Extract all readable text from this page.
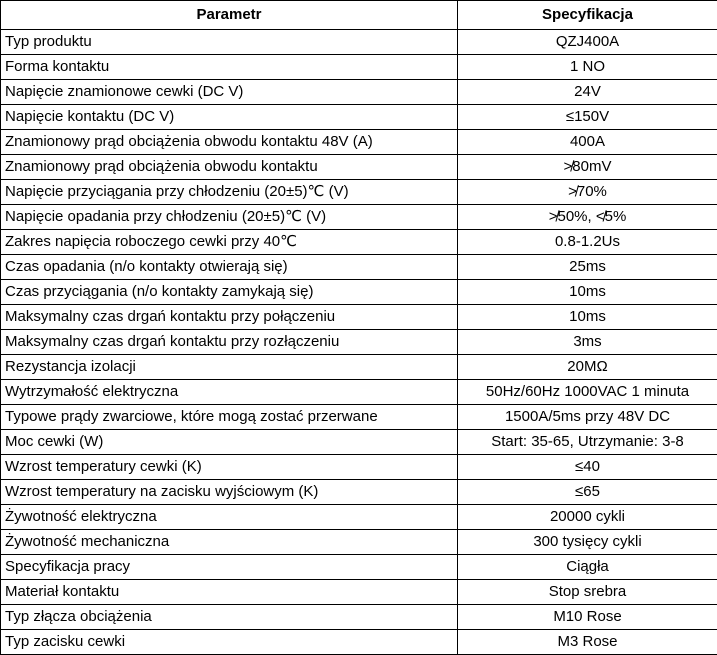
Parametr	Specyfikacja
Typ produktu	QZJ400A
Forma kontaktu	1 NO
Napięcie znamionowe cewki (DC V)	24V
Napięcie kontaktu (DC V)	≤150V
Znamionowy prąd obciążenia obwodu kontaktu 48V (A)	400A
Znamionowy prąd obciążenia obwodu kontaktu	≯80mV
Napięcie przyciągania przy chłodzeniu (20±5)℃ (V)	≯70%
Napięcie opadania przy chłodzeniu (20±5)℃ (V)	≯50%, ≮5%
Zakres napięcia roboczego cewki przy 40℃	0.8-1.2Us
Czas opadania (n/o kontakty otwierają się)	25ms
Czas przyciągania (n/o kontakty zamykają się)	10ms
Maksymalny czas drgań kontaktu przy połączeniu	10ms
Maksymalny czas drgań kontaktu przy rozłączeniu	3ms
Rezystancja izolacji	20MΩ
Wytrzymałość elektryczna	50Hz/60Hz 1000VAC 1 minuta
Typowe prądy zwarciowe, które mogą zostać przerwane	1500A/5ms przy 48V DC
Moc cewki (W)	Start: 35-65, Utrzymanie: 3-8
Wzrost temperatury cewki (K)	≤40
Wzrost temperatury na zacisku wyjściowym (K)	≤65
Żywotność elektryczna	20000 cykli
Żywotność mechaniczna	300 tysięcy cykli
Specyfikacja pracy	Ciągła
Materiał kontaktu	Stop srebra
Typ złącza obciążenia	M10 Rose
Typ zacisku cewki	M3 Rose
